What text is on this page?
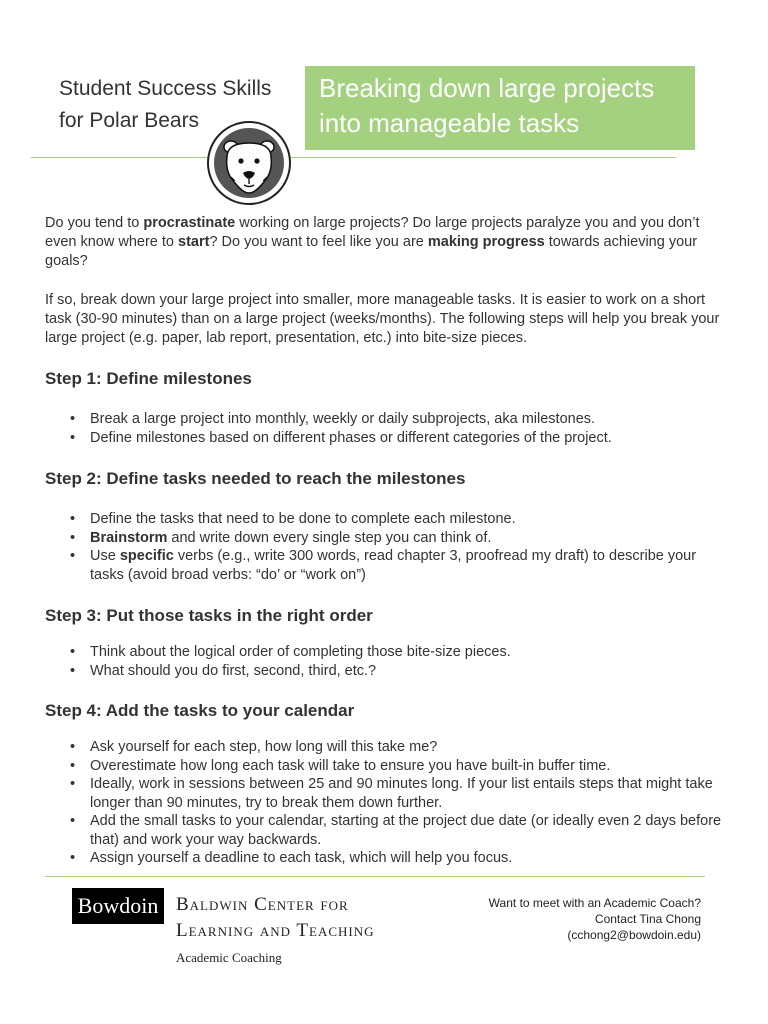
Student Success Skills
for Polar Bears
Breaking down large projects into manageable tasks
Do you tend to procrastinate working on large projects? Do large projects paralyze you and you don’t even know where to start? Do you want to feel like you are making progress towards achieving your goals?
If so, break down your large project into smaller, more manageable tasks. It is easier to work on a short task (30-90 minutes) than on a large project (weeks/months). The following steps will help you break your large project (e.g. paper, lab report, presentation, etc.) into bite-size pieces.
Step 1: Define milestones
• Break a large project into monthly, weekly or daily subprojects, aka milestones.
• Define milestones based on different phases or different categories of the project.
Step 2: Define tasks needed to reach the milestones
• Define the tasks that need to be done to complete each milestone.
• Brainstorm and write down every single step you can think of.
• Use specific verbs (e.g., write 300 words, read chapter 3, proofread my draft) to describe your tasks (avoid broad verbs: “do’ or “work on”)
Step 3: Put those tasks in the right order
• Think about the logical order of completing those bite-size pieces.
• What should you do first, second, third, etc.?
Step 4: Add the tasks to your calendar
• Ask yourself for each step, how long will this take me?
• Overestimate how long each task will take to ensure you have built-in buffer time.
• Ideally, work in sessions between 25 and 90 minutes long. If your list entails steps that might take longer than 90 minutes, try to break them down further.
• Add the small tasks to your calendar, starting at the project due date (or ideally even 2 days before that) and work your way backwards.
• Assign yourself a deadline to each task, which will help you focus.
Bowdoin Baldwin Center for
Learning and Teaching
Academic Coaching
Want to meet with an Academic Coach?
Contact Tina Chong
(cchong2@bowdoin.edu)
